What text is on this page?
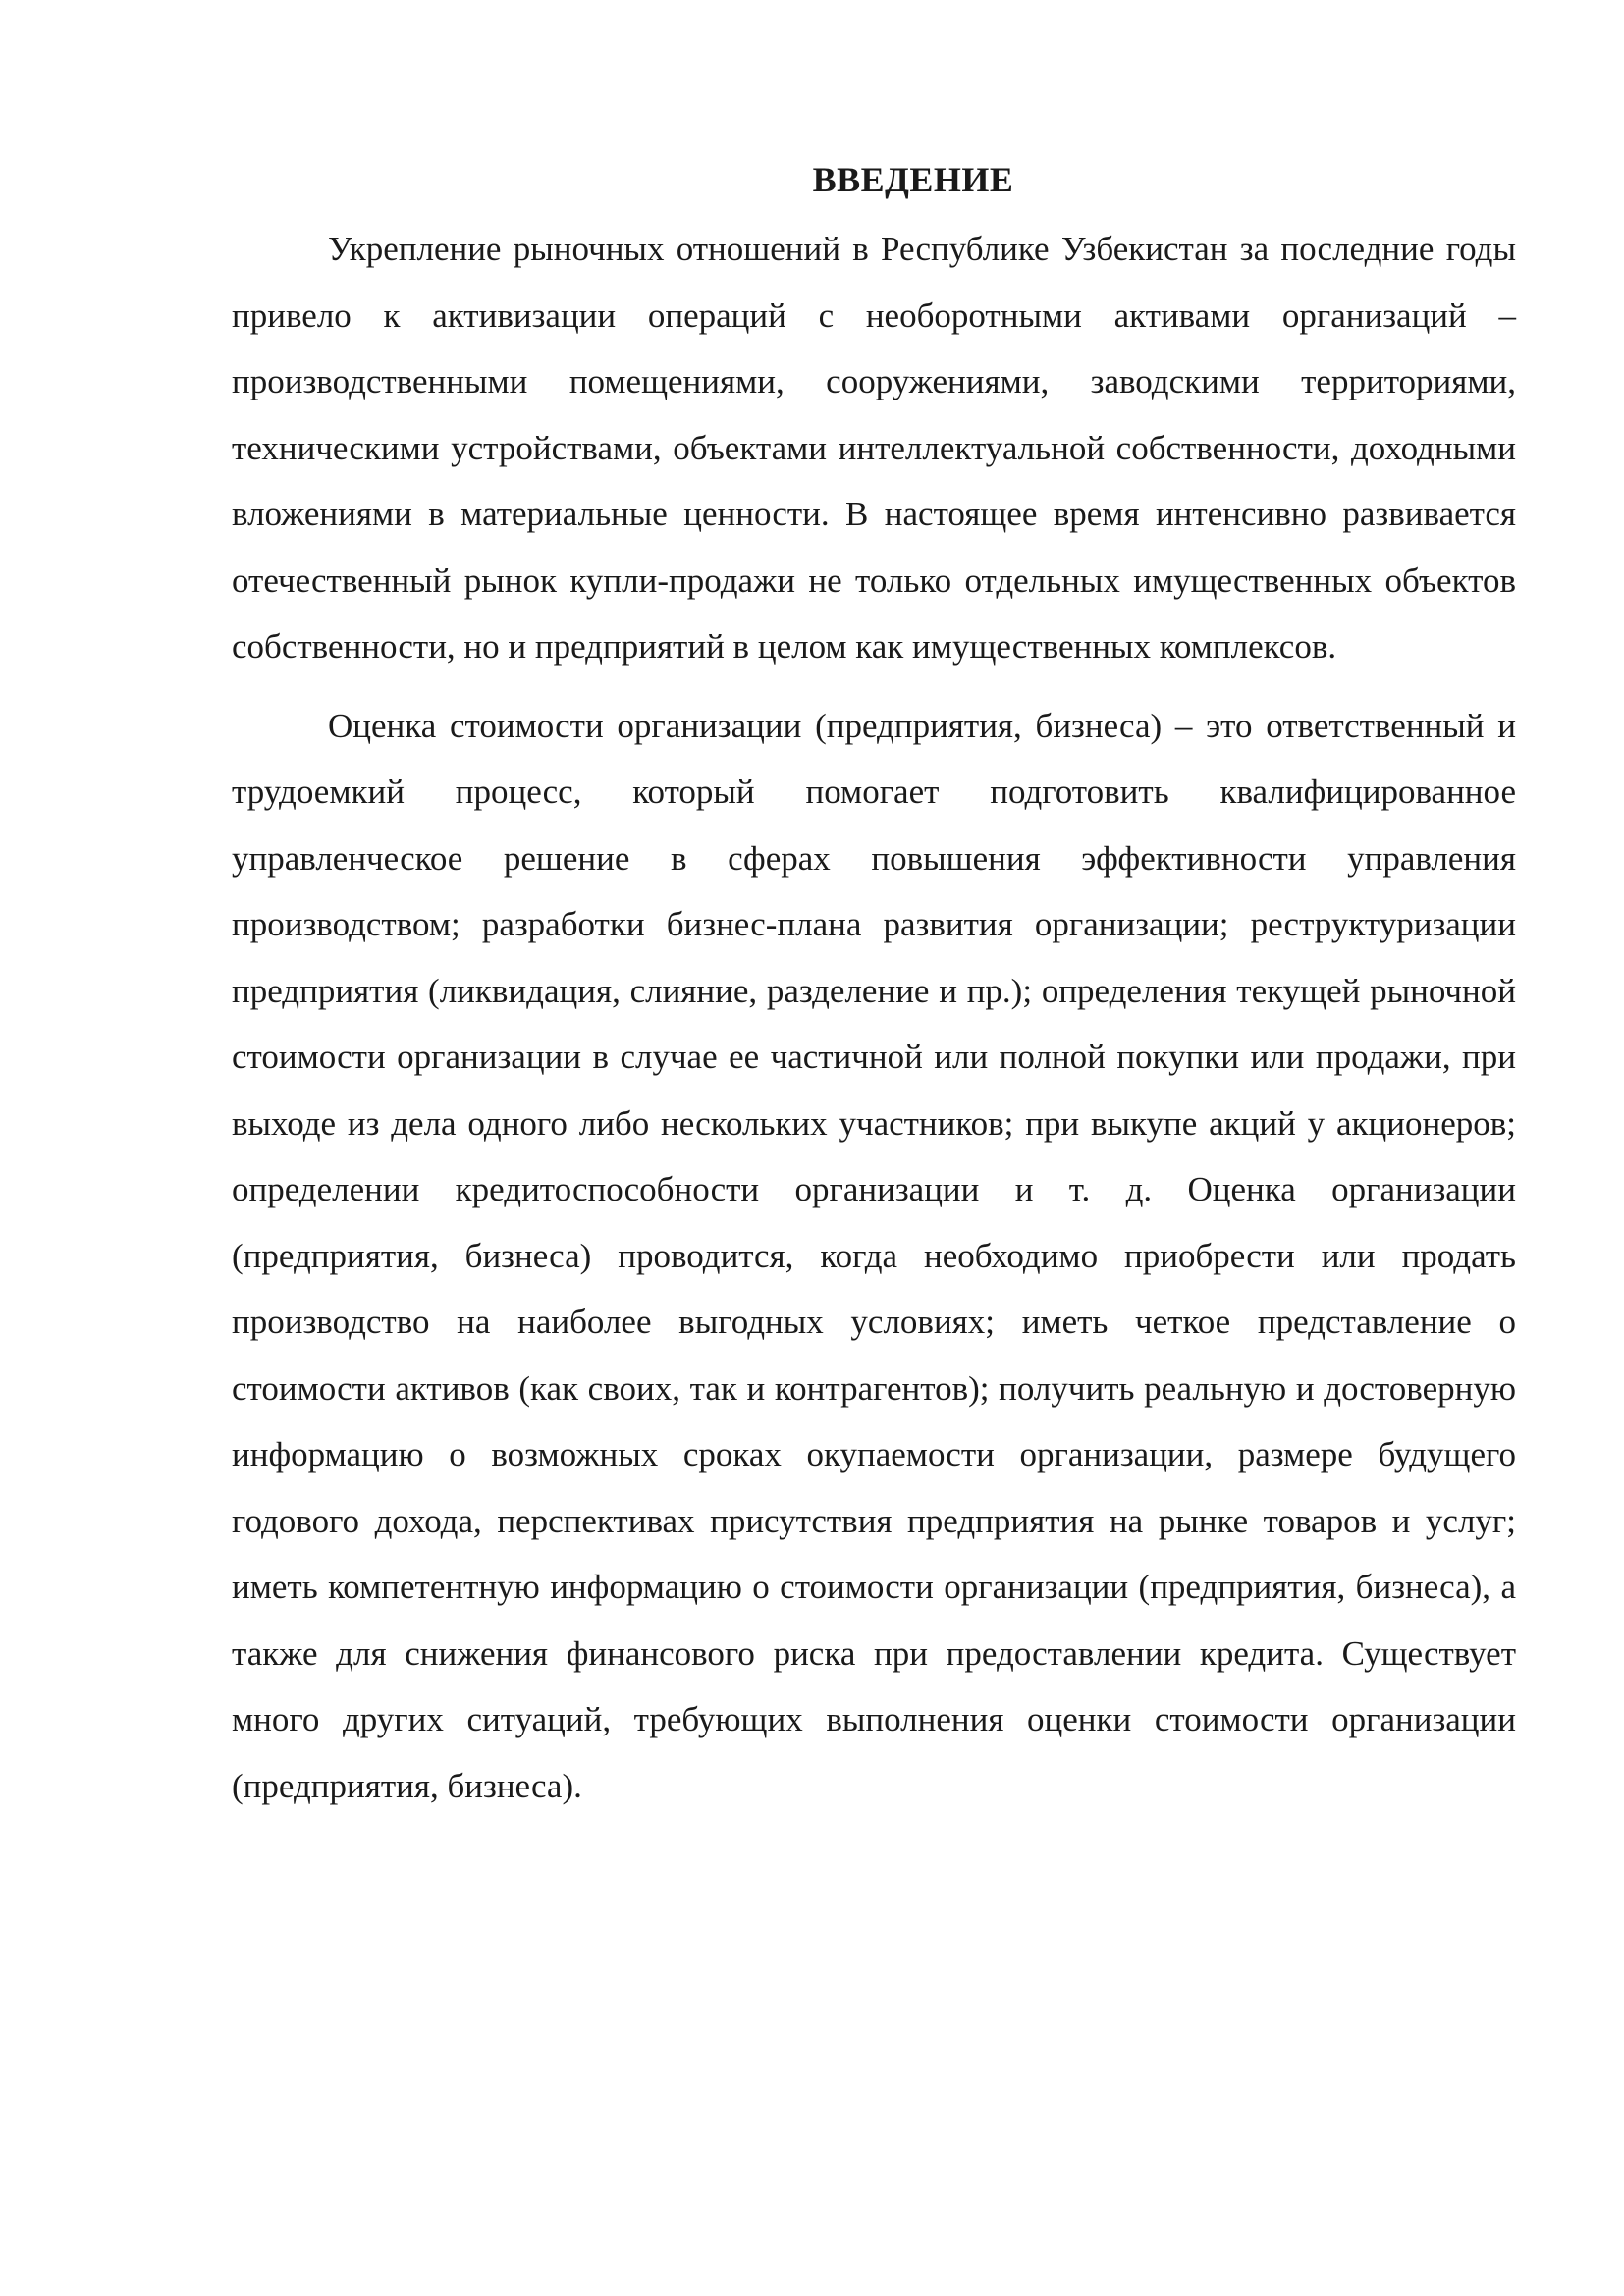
ВВЕДЕНИЕ

Укрепление рыночных отношений в Республике Узбекистан за последние годы привело к активизации операций с необоротными активами организаций – производственными помещениями, сооружениями, заводскими территориями, техническими устройствами, объектами интеллектуальной собственности, доходными вложениями в материальные ценности. В настоящее время интенсивно развивается отечественный рынок купли-продажи не только отдельных имущественных объектов собственности, но и предприятий в целом как имущественных комплексов.

Оценка стоимости организации (предприятия, бизнеса) – это ответственный и трудоемкий процесс, который помогает подготовить квалифицированное управленческое решение в сферах повышения эффективности управления производством; разработки бизнес-плана развития организации; реструктуризации предприятия (ликвидация, слияние, разделение и пр.); определения текущей рыночной стоимости организации в случае ее частичной или полной покупки или продажи, при выходе из дела одного либо нескольких участников; при выкупе акций у акционеров; определении кредитоспособности организации и т. д. Оценка организации (предприятия, бизнеса) проводится, когда необходимо приобрести или продать производство на наиболее выгодных условиях; иметь четкое представление о стоимости активов (как своих, так и контрагентов); получить реальную и достоверную информацию о возможных сроках окупаемости организации, размере будущего годового дохода, перспективах присутствия предприятия на рынке товаров и услуг; иметь компетентную информацию о стоимости организации (предприятия, бизнеса), а также для снижения финансового риска при предоставлении кредита. Существует много других ситуаций, требующих выполнения оценки стоимости организации (предприятия, бизнеса).
